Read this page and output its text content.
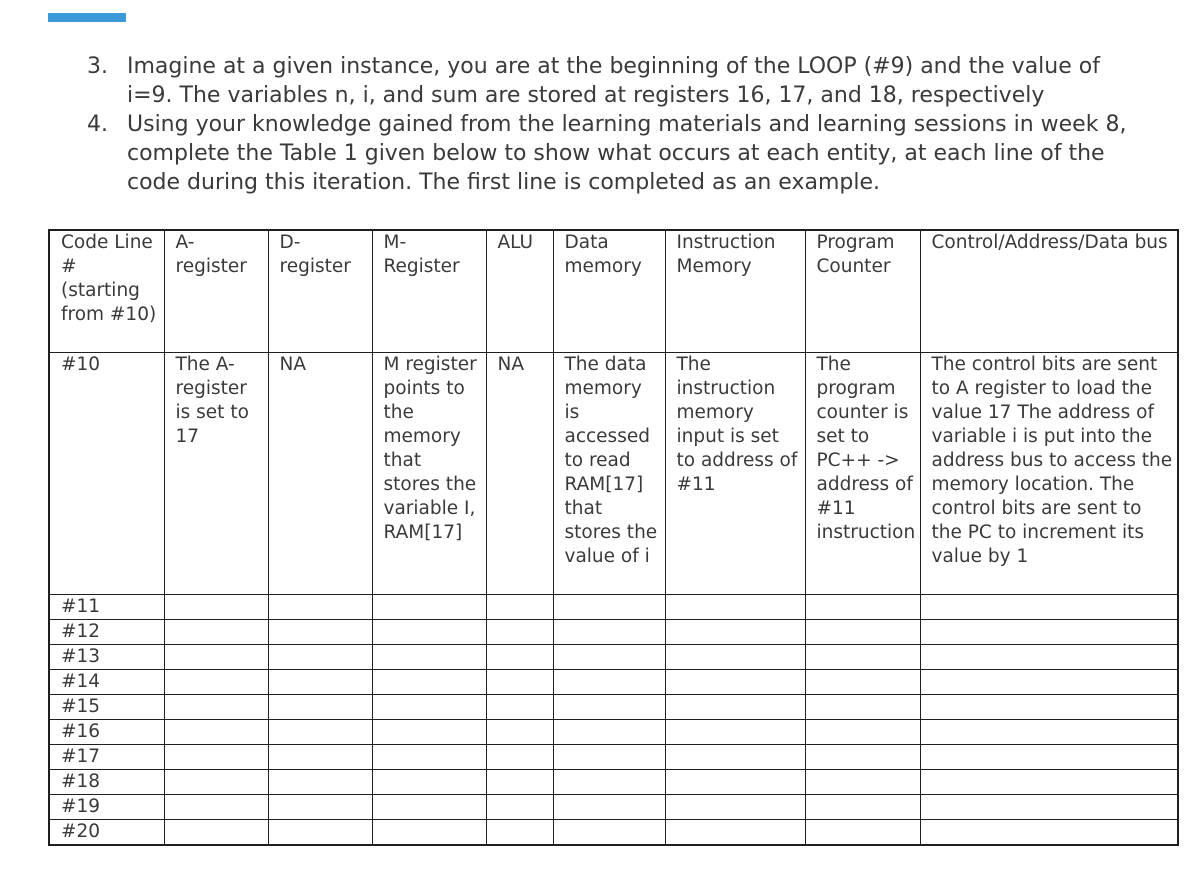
3. Imagine at a given instance, you are at the beginning of the LOOP (#9) and the value of i=9. The variables n, i, and sum are stored at registers 16, 17, and 18, respectively
4. Using your knowledge gained from the learning materials and learning sessions in week 8, complete the Table 1 given below to show what occurs at each entity, at each line of the code during this iteration. The first line is completed as an example.
Code Line # (starting from #10)	A-register	D-register	M-Register	ALU	Data memory	Instruction Memory	Program Counter	Control/Address/Data bus
#10	The A-register is set to 17	NA	M register points to the memory that stores the variable I, RAM[17]	NA	The data memory is accessed to read RAM[17] that stores the value of i	The instruction memory input is set to address of #11	The program counter is set to PC++ -> address of #11 instruction	The control bits are sent to A register to load the value 17 The address of variable i is put into the address bus to access the memory location. The control bits are sent to the PC to increment its value by 1
#11								
#12								
#13								
#14								
#15								
#16								
#17								
#18								
#19								
#20								
